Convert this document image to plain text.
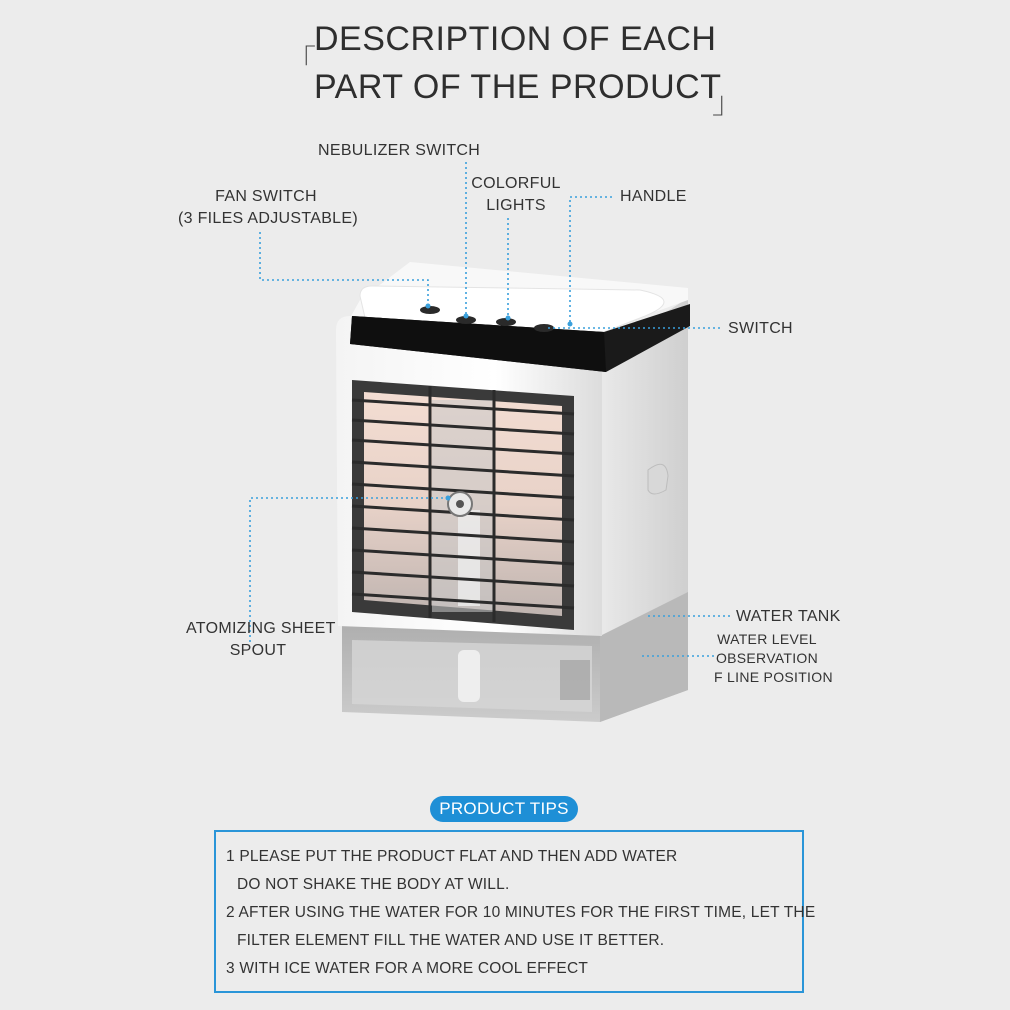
「
DESCRIPTION OF EACH
PART OF THE PRODUCT
」
NEBULIZER SWITCH
FAN SWITCH
(3 FILES ADJUSTABLE)
COLORFUL
LIGHTS
HANDLE
SWITCH
ATOMIZING SHEET
SPOUT
WATER TANK
WATER LEVEL
OBSERVATION
F LINE POSITION
1 PLEASE PUT THE PRODUCT FLAT AND THEN ADD WATER
DO NOT SHAKE THE BODY AT WILL.
2 AFTER USING THE WATER FOR 10 MINUTES FOR THE FIRST TIME, LET THE
FILTER ELEMENT FILL THE WATER AND USE IT BETTER.
3 WITH ICE WATER FOR A MORE COOL EFFECT
PRODUCT TIPS
